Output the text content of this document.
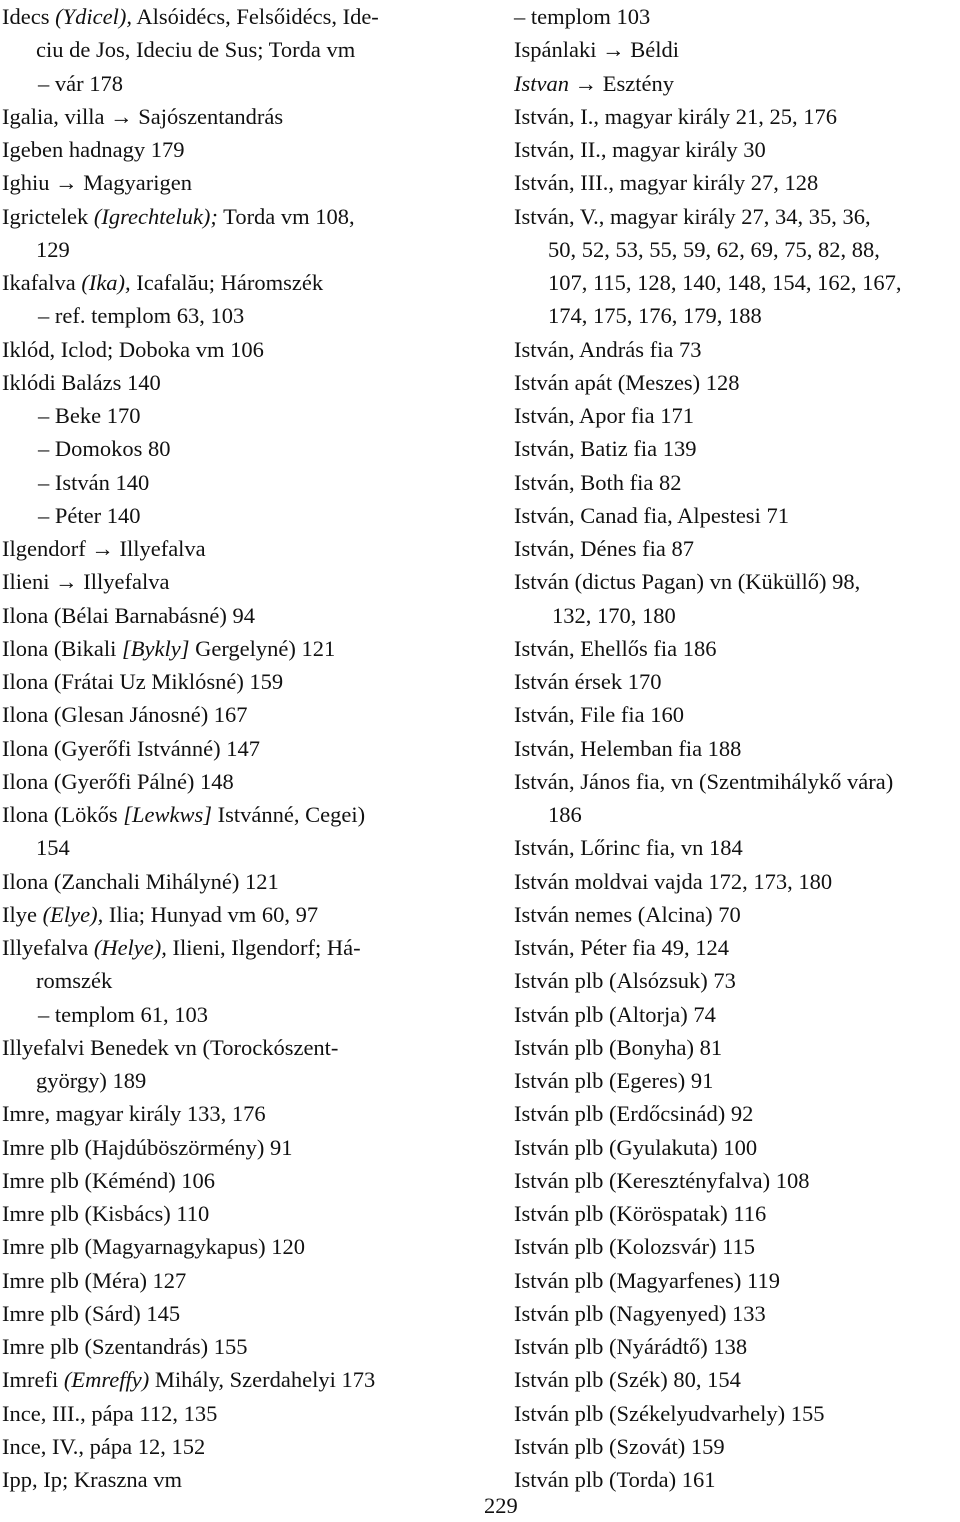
Idecs (Ydicel), Alsóidécs, Felsőidécs, Ide-
ciu de Jos, Ideciu de Sus; Torda vm
– vár 178
Igalia, villa → Sajószentandrás
Igeben hadnagy 179
Ighiu → Magyarigen
Igrictelek (Igrechteluk); Torda vm 108,
129
Ikafalva (Ika), Icafalău; Háromszék
– ref. templom 63, 103
Iklód, Iclod; Doboka vm 106
Iklódi Balázs 140
– Beke 170
– Domokos 80
– István 140
– Péter 140
Ilgendorf → Illyefalva
Ilieni → Illyefalva
Ilona (Bélai Barnabásné) 94
Ilona (Bikali [Bykly] Gergelyné) 121
Ilona (Frátai Uz Miklósné) 159
Ilona (Glesan Jánosné) 167
Ilona (Gyerőfi Istvánné) 147
Ilona (Gyerőfi Pálné) 148
Ilona (Lökős [Lewkws] Istvánné, Cegei)
154
Ilona (Zanchali Mihályné) 121
Ilye (Elye), Ilia; Hunyad vm 60, 97
Illyefalva (Helye), Ilieni, Ilgendorf; Há-
romszék
– templom 61, 103
Illyefalvi Benedek vn (Torockószent-
györgy) 189
Imre, magyar király 133, 176
Imre plb (Hajdúböszörmény) 91
Imre plb (Kéménd) 106
Imre plb (Kisbács) 110
Imre plb (Magyarnagykapus) 120
Imre plb (Méra) 127
Imre plb (Sárd) 145
Imre plb (Szentandrás) 155
Imrefi (Emreffy) Mihály, Szerdahelyi 173
Ince, III., pápa 112, 135
Ince, IV., pápa 12, 152
Ipp, Ip; Kraszna vm
– templom 103
Ispánlaki → Béldi
Istvan → Esztény
István, I., magyar király 21, 25, 176
István, II., magyar király 30
István, III., magyar király 27, 128
István, V., magyar király 27, 34, 35, 36,
50, 52, 53, 55, 59, 62, 69, 75, 82, 88,
107, 115, 128, 140, 148, 154, 162, 167,
174, 175, 176, 179, 188
István, András fia 73
István apát (Meszes) 128
István, Apor fia 171
István, Batiz fia 139
István, Both fia 82
István, Canad fia, Alpestesi 71
István, Dénes fia 87
István (dictus Pagan) vn (Küküllő) 98,
132, 170, 180
István, Ehellős fia 186
István érsek 170
István, File fia 160
István, Helemban fia 188
István, János fia, vn (Szentmihálykő vára)
186
István, Lőrinc fia, vn 184
István moldvai vajda 172, 173, 180
István nemes (Alcina) 70
István, Péter fia 49, 124
István plb (Alsózsuk) 73
István plb (Altorja) 74
István plb (Bonyha) 81
István plb (Egeres) 91
István plb (Erdőcsinád) 92
István plb (Gyulakuta) 100
István plb (Keresztényfalva) 108
István plb (Köröspatak) 116
István plb (Kolozsvár) 115
István plb (Magyarfenes) 119
István plb (Nagyenyed) 133
István plb (Nyárádtő) 138
István plb (Szék) 80, 154
István plb (Székelyudvarhely) 155
István plb (Szovát) 159
István plb (Torda) 161
229
